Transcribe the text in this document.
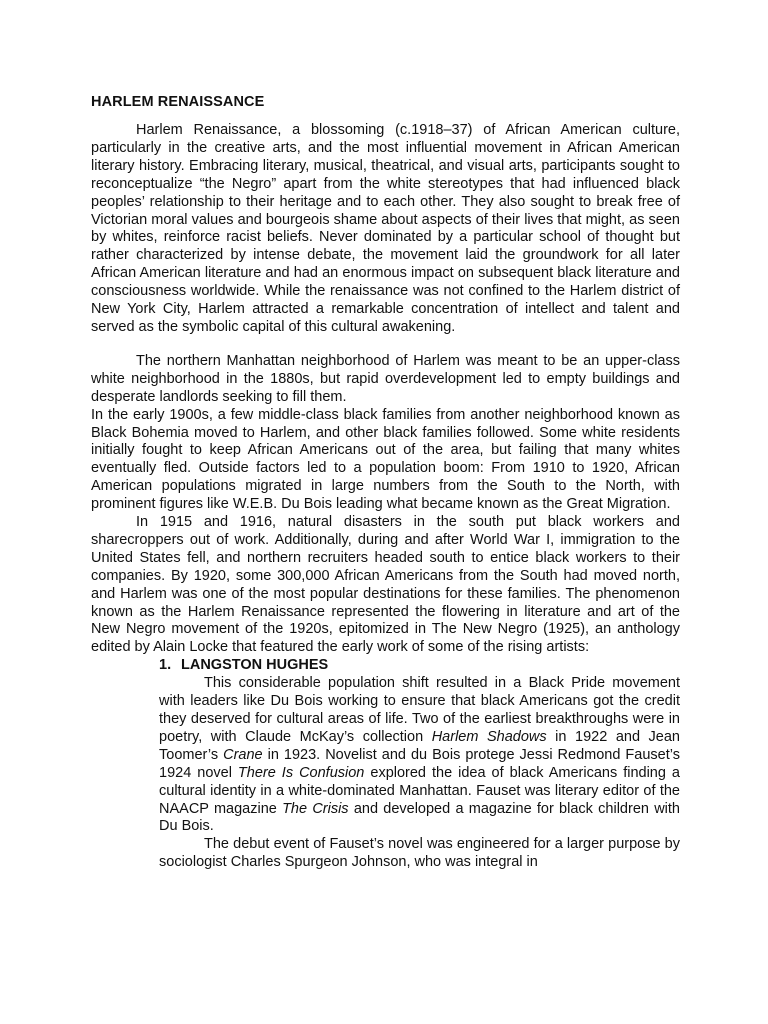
HARLEM RENAISSANCE

Harlem Renaissance, a blossoming (c.1918–37) of African American culture, particularly in the creative arts, and the most influential movement in African American literary history. Embracing literary, musical, theatrical, and visual arts, participants sought to reconceptualize “the Negro” apart from the white stereotypes that had influenced black peoples’ relationship to their heritage and to each other. They also sought to break free of Victorian moral values and bourgeois shame about aspects of their lives that might, as seen by whites, reinforce racist beliefs. Never dominated by a particular school of thought but rather characterized by intense debate, the movement laid the groundwork for all later African American literature and had an enormous impact on subsequent black literature and consciousness worldwide. While the renaissance was not confined to the Harlem district of New York City, Harlem attracted a remarkable concentration of intellect and talent and served as the symbolic capital of this cultural awakening.

The northern Manhattan neighborhood of Harlem was meant to be an upper-class white neighborhood in the 1880s, but rapid overdevelopment led to empty buildings and desperate landlords seeking to fill them.

In the early 1900s, a few middle-class black families from another neighborhood known as Black Bohemia moved to Harlem, and other black families followed. Some white residents initially fought to keep African Americans out of the area, but failing that many whites eventually fled. Outside factors led to a population boom: From 1910 to 1920, African American populations migrated in large numbers from the South to the North, with prominent figures like W.E.B. Du Bois leading what became known as the Great Migration.

In 1915 and 1916, natural disasters in the south put black workers and sharecroppers out of work. Additionally, during and after World War I, immigration to the United States fell, and northern recruiters headed south to entice black workers to their companies. By 1920, some 300,000 African Americans from the South had moved north, and Harlem was one of the most popular destinations for these families. The phenomenon known as the Harlem Renaissance represented the flowering in literature and art of the New Negro movement of the 1920s, epitomized in The New Negro (1925), an anthology edited by Alain Locke that featured the early work of some of the rising artists:

1. LANGSTON HUGHES

This considerable population shift resulted in a Black Pride movement with leaders like Du Bois working to ensure that black Americans got the credit they deserved for cultural areas of life. Two of the earliest breakthroughs were in poetry, with Claude McKay’s collection Harlem Shadows in 1922 and Jean Toomer’s Crane in 1923. Novelist and du Bois protege Jessi Redmond Fauset’s 1924 novel There Is Confusion explored the idea of black Americans finding a cultural identity in a white-dominated Manhattan. Fauset was literary editor of the NAACP magazine The Crisis and developed a magazine for black children with Du Bois.

The debut event of Fauset’s novel was engineered for a larger purpose by sociologist Charles Spurgeon Johnson, who was integral in
